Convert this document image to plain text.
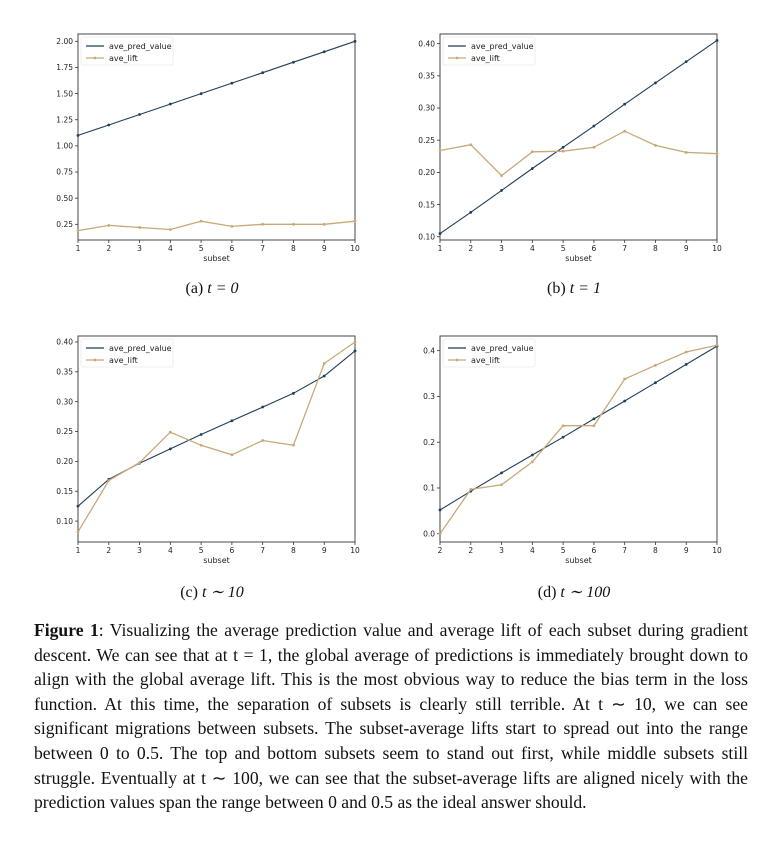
0.25
0.50
0.75
1.00
1.25
1.50
1.75
2.00
1	2	3	4	5	6	7	8	9	10
subset
ave_pred_value
ave_lift
(a) t = 0
0.10
0.15
0.20
0.25
0.30
0.35
0.40
1	2	3	4	5	6	7	8	9	10
subset
ave_pred_value
ave_lift
(b) t = 1
0.10
0.15
0.20
0.25
0.30
0.35
0.40
1	2	3	4	5	6	7	8	9	10
subset
ave_pred_value
ave_lift
(c) t ∼ 10
0.0
0.1
0.2
0.3
0.4
2	2	3	4	5	6	7	8	9	10
subset
ave_pred_value
ave_lift
(d) t ∼ 100
Figure 1: Visualizing the average prediction value and average lift of each subset during gradient descent. We can see that at t = 1, the global average of predictions is immediately brought down to align with the global average lift. This is the most obvious way to reduce the bias term in the loss function. At this time, the separation of subsets is clearly still terrible. At t ∼ 10, we can see significant migrations between subsets. The subset-average lifts start to spread out into the range between 0 to 0.5. The top and bottom subsets seem to stand out first, while middle subsets still struggle. Eventually at t ∼ 100, we can see that the subset-average lifts are aligned nicely with the prediction values span the range between 0 and 0.5 as the ideal answer should.
